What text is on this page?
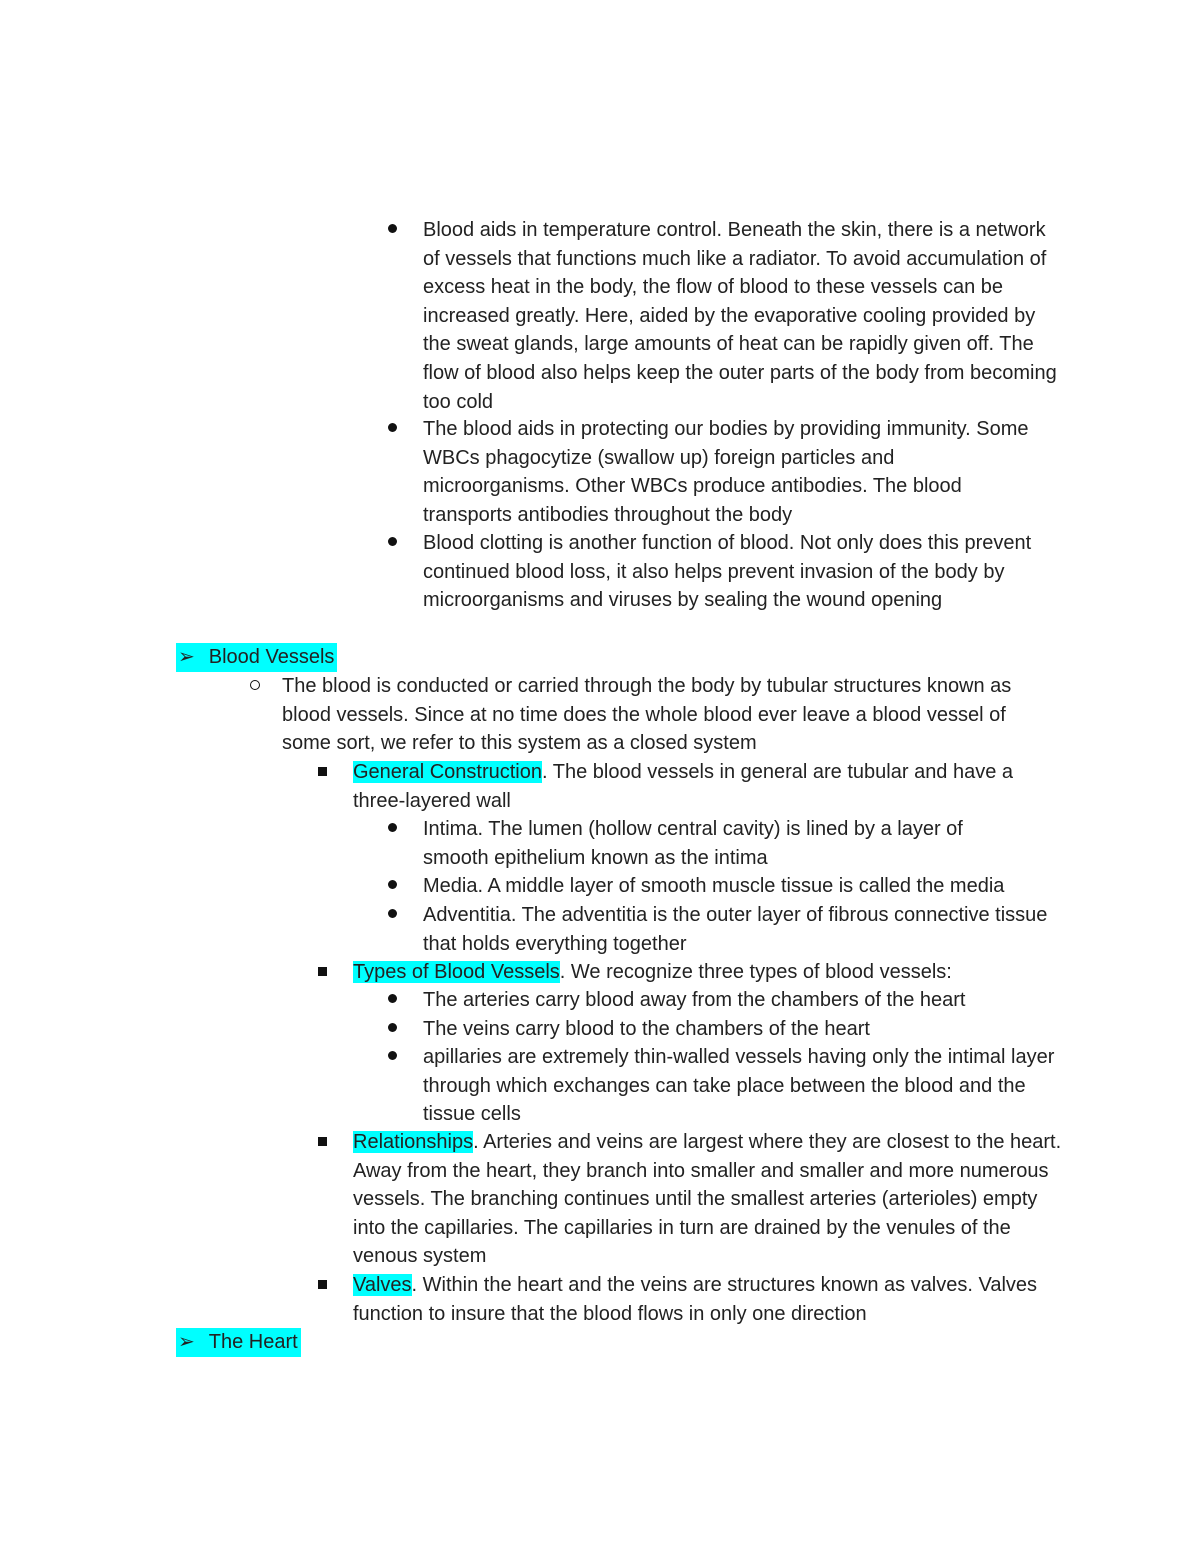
Blood aids in temperature control. Beneath the skin, there is a network of vessels that functions much like a radiator. To avoid accumulation of excess heat in the body, the flow of blood to these vessels can be increased greatly. Here, aided by the evaporative cooling provided by the sweat glands, large amounts of heat can be rapidly given off. The flow of blood also helps keep the outer parts of the body from becoming too cold
The blood aids in protecting our bodies by providing immunity. Some WBCs phagocytize (swallow up) foreign particles and microorganisms. Other WBCs produce antibodies. The blood transports antibodies throughout the body
Blood clotting is another function of blood. Not only does this prevent continued blood loss, it also helps prevent invasion of the body by microorganisms and viruses by sealing the wound opening
➢ Blood Vessels
The blood is conducted or carried through the body by tubular structures known as blood vessels. Since at no time does the whole blood ever leave a blood vessel of some sort, we refer to this system as a closed system
General Construction. The blood vessels in general are tubular and have a three-layered wall
Intima. The lumen (hollow central cavity) is lined by a layer of smooth epithelium known as the intima
Media. A middle layer of smooth muscle tissue is called the media
Adventitia. The adventitia is the outer layer of fibrous connective tissue that holds everything together
Types of Blood Vessels. We recognize three types of blood vessels:
The arteries carry blood away from the chambers of the heart
The veins carry blood to the chambers of the heart
apillaries are extremely thin-walled vessels having only the intimal layer through which exchanges can take place between the blood and the tissue cells
Relationships. Arteries and veins are largest where they are closest to the heart. Away from the heart, they branch into smaller and smaller and more numerous vessels. The branching continues until the smallest arteries (arterioles) empty into the capillaries. The capillaries in turn are drained by the venules of the venous system
Valves. Within the heart and the veins are structures known as valves. Valves function to insure that the blood flows in only one direction
➢ The Heart
